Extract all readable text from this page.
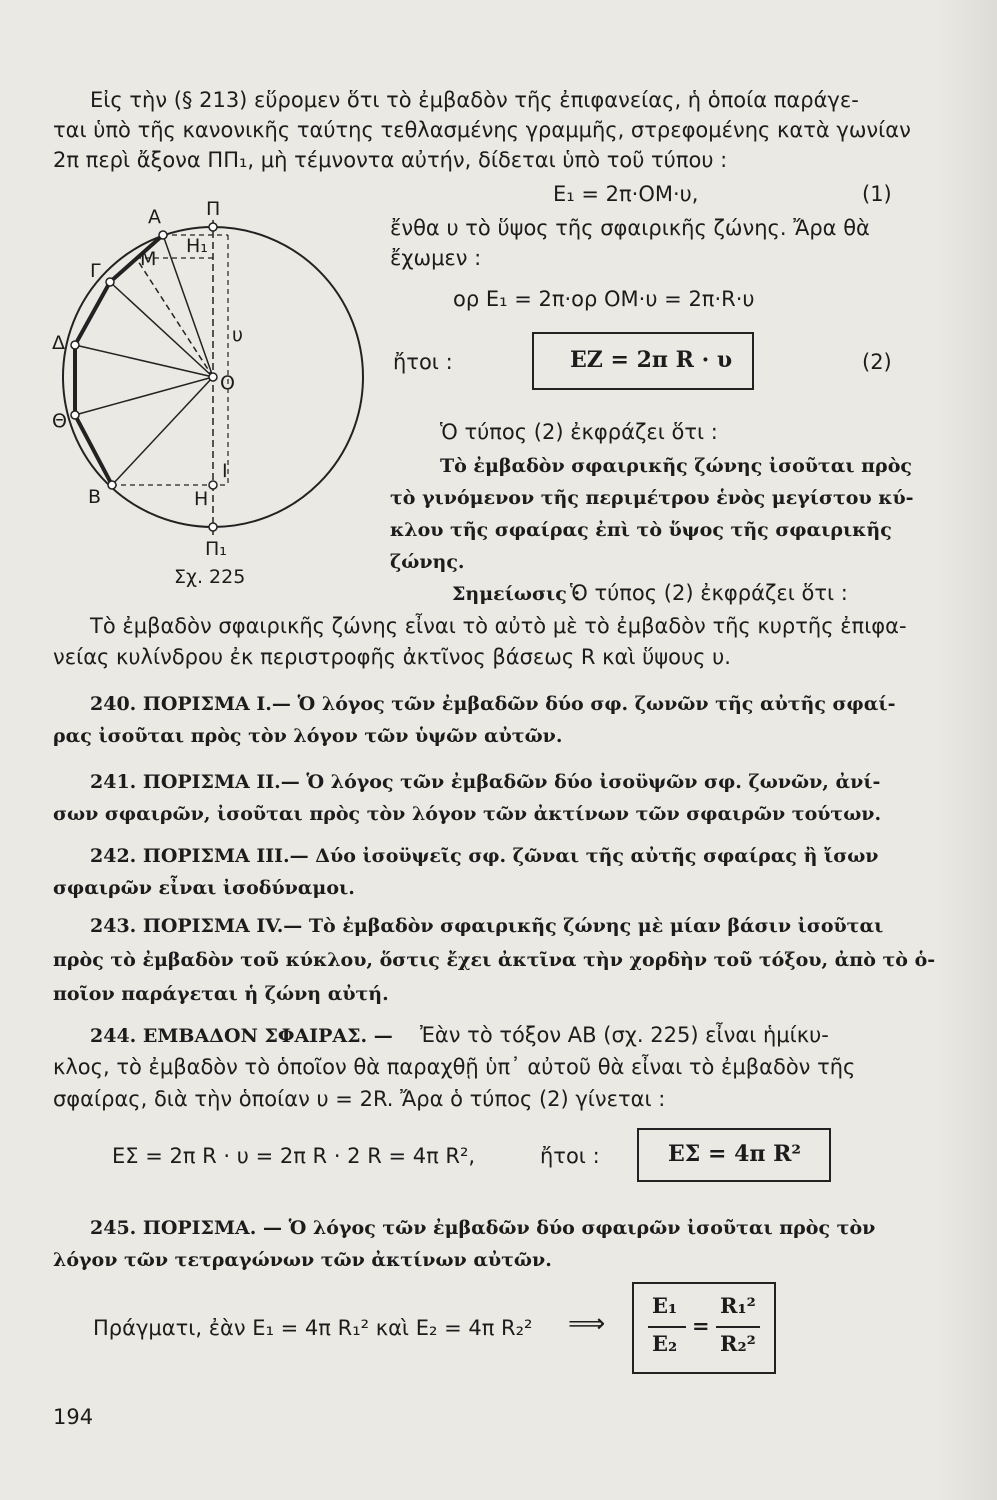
Εἰς τὴν (§ 213) εὕρομεν ὅτι τὸ ἐμβαδὸν τῆς ἐπιφανείας, ἡ ὁποία παράγε-
ται ὑπὸ τῆς κανονικῆς ταύτης τεθλασμένης γραμμῆς, στρεφομένης κατὰ γωνίαν
2π περὶ ἄξονα ΠΠ₁, μὴ τέμνοντα αὐτήν, δίδεται ὑπὸ τοῦ τύπου :
E₁ = 2π·ΟΜ·υ,	(1)
ἔνθα υ τὸ ὕψος τῆς σφαιρικῆς ζώνης. Ἄρα θὰ
ἔχωμεν :
ορ E₁ = 2π·ορ ΟΜ·υ = 2π·R·υ
ἤτοι :	EΖ = 2π R · υ	(2)
Ὁ τύπος (2) ἐκφράζει ὅτι :
Τὸ ἐμβαδὸν σφαιρικῆς ζώνης ἰσοῦται πρὸς
τὸ γινόμενον τῆς περιμέτρου ἑνὸς μεγίστου κύ-
κλου τῆς σφαίρας ἐπὶ τὸ ὕψος τῆς σφαιρικῆς
ζώνης.
Σημείωσις :
Ὁ τύπος (2) ἐκφράζει ὅτι :
Τὸ ἐμβαδὸν σφαιρικῆς ζώνης εἶναι τὸ αὐτὸ μὲ τὸ ἐμβαδὸν τῆς κυρτῆς ἐπιφα-
νείας κυλίνδρου ἐκ περιστροφῆς ἀκτῖνος βάσεως R καὶ ὕψους υ.
Α Π
Η₁
Γ
Μ
Δ	υ
Ο
Θ
Β	Η
Ι
Π₁
Σχ. 225
240. ΠΟΡΙΣΜΑ Ι.— Ὁ λόγος τῶν ἐμβαδῶν δύο σφ. ζωνῶν τῆς αὐτῆς σφαί-
ρας ἰσοῦται πρὸς τὸν λόγον τῶν ὑψῶν αὐτῶν.
241. ΠΟΡΙΣΜΑ ΙΙ.— Ὁ λόγος τῶν ἐμβαδῶν δύο ἰσοϋψῶν σφ. ζωνῶν, ἀνί-
σων σφαιρῶν, ἰσοῦται πρὸς τὸν λόγον τῶν ἀκτίνων τῶν σφαιρῶν τούτων.
242. ΠΟΡΙΣΜΑ ΙΙΙ.— Δύο ἰσοϋψεῖς σφ. ζῶναι τῆς αὐτῆς σφαίρας ἢ ἴσων
σφαιρῶν εἶναι ἰσοδύναμοι.
243. ΠΟΡΙΣΜΑ ΙV.— Τὸ ἐμβαδὸν σφαιρικῆς ζώνης μὲ μίαν βάσιν ἰσοῦται
πρὸς τὸ ἐμβαδὸν τοῦ κύκλου, ὅστις ἔχει ἀκτῖνα τὴν χορδὴν τοῦ τόξου, ἀπὸ τὸ ὁ-
ποῖον παράγεται ἡ ζώνη αὐτή.
244. ΕΜΒΑΔΟΝ ΣΦΑΙΡΑΣ. — Ἐὰν τὸ τόξον ΑΒ (σχ. 225) εἶναι ἡμίκυ-
κλος, τὸ ἐμβαδὸν τὸ ὁποῖον θὰ παραχθῇ ὑπ᾽ αὐτοῦ θὰ εἶναι τὸ ἐμβαδὸν τῆς
σφαίρας, διὰ τὴν ὁποίαν υ = 2R. Ἄρα ὁ τύπος (2) γίνεται :
EΣ = 2π R · υ = 2π R · 2 R = 4π R²,	ἤτοι :	EΣ = 4π R²
245. ΠΟΡΙΣΜΑ. — Ὁ λόγος τῶν ἐμβαδῶν δύο σφαιρῶν ἰσοῦται πρὸς τὸν
λόγον τῶν τετραγώνων τῶν ἀκτίνων αὐτῶν.
Πράγματι, ἐὰν E₁ = 4π R₁² καὶ E₂ = 4π R₂² ⟹
E₁
E₂
=
R₁²
R₂²
194
